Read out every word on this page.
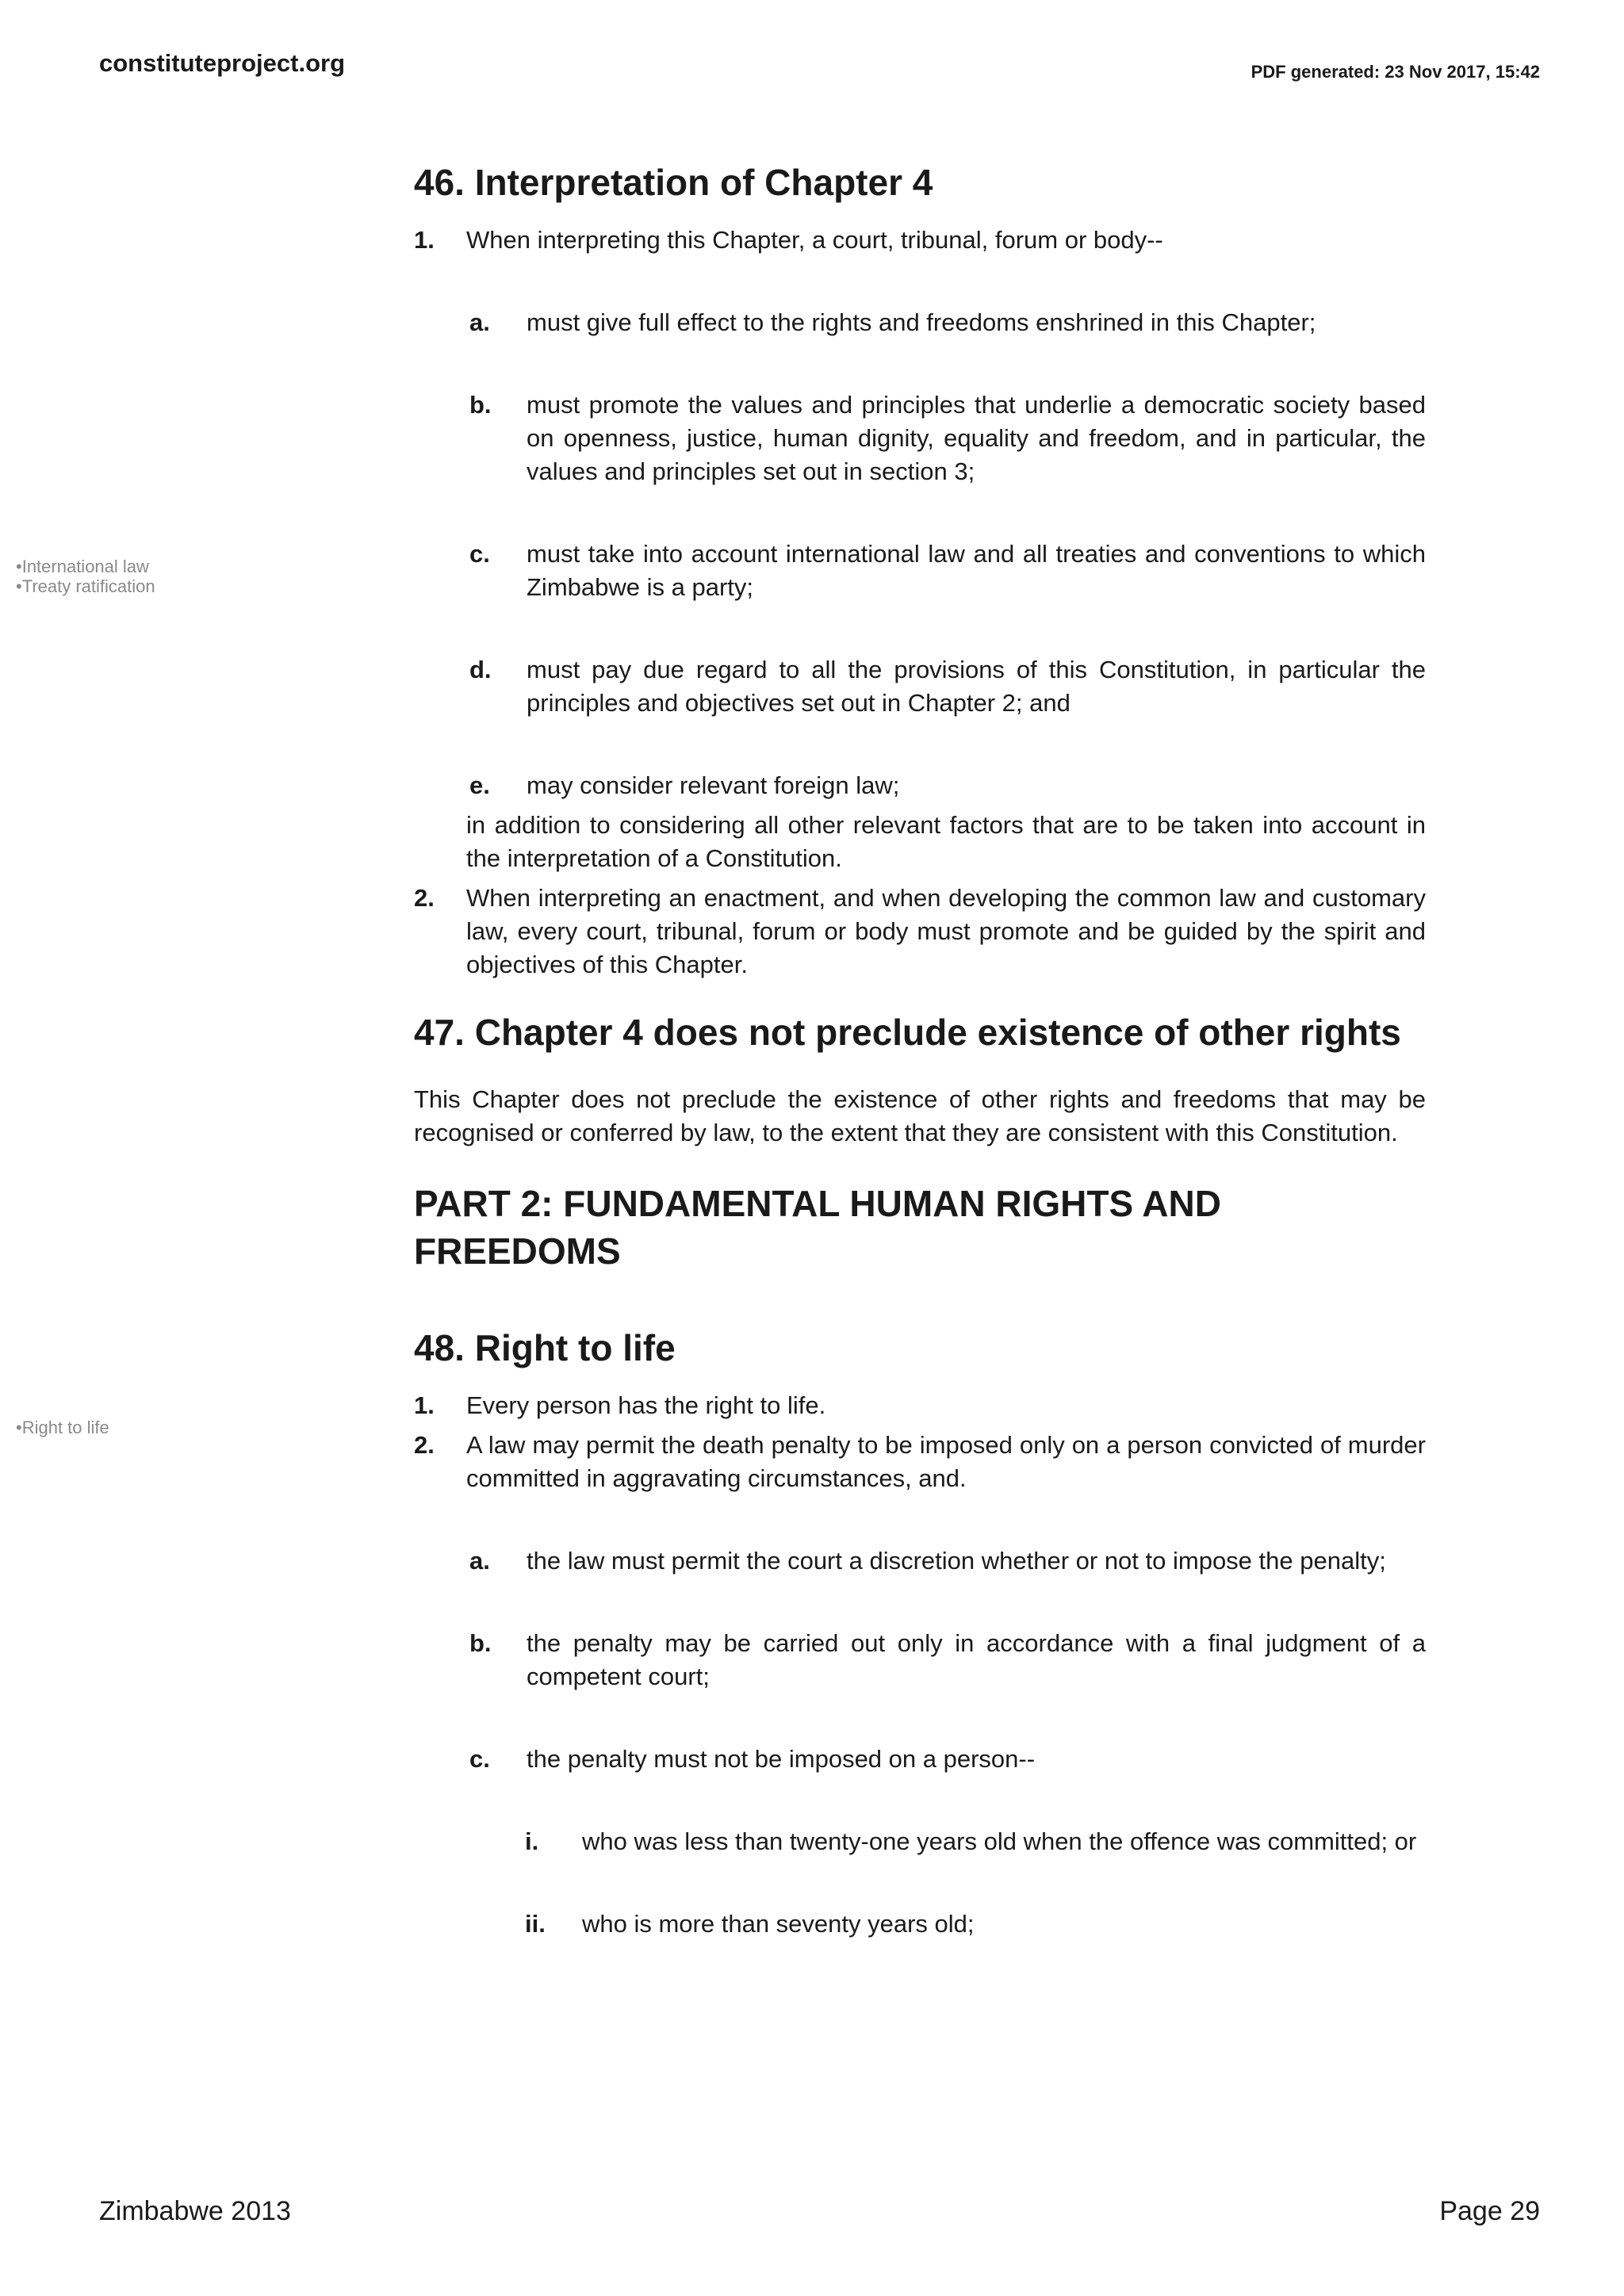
constituteproject.org	PDF generated: 23 Nov 2017, 15:42
• International law
• Treaty ratification
• Right to life
46. Interpretation of Chapter 4
1.	When interpreting this Chapter, a court, tribunal, forum or body--
a.	must give full effect to the rights and freedoms enshrined in this Chapter;
b.	must promote the values and principles that underlie a democratic society based on openness, justice, human dignity, equality and freedom, and in particular, the values and principles set out in section 3;
c.	must take into account international law and all treaties and conventions to which Zimbabwe is a party;
d.	must pay due regard to all the provisions of this Constitution, in particular the principles and objectives set out in Chapter 2; and
e.	may consider relevant foreign law;
in addition to considering all other relevant factors that are to be taken into account in the interpretation of a Constitution.
2.	When interpreting an enactment, and when developing the common law and customary law, every court, tribunal, forum or body must promote and be guided by the spirit and objectives of this Chapter.
47. Chapter 4 does not preclude existence of other rights
This Chapter does not preclude the existence of other rights and freedoms that may be recognised or conferred by law, to the extent that they are consistent with this Constitution.
PART 2: FUNDAMENTAL HUMAN RIGHTS AND FREEDOMS
48. Right to life
1.	Every person has the right to life.
2.	A law may permit the death penalty to be imposed only on a person convicted of murder committed in aggravating circumstances, and.
a.	the law must permit the court a discretion whether or not to impose the penalty;
b.	the penalty may be carried out only in accordance with a final judgment of a competent court;
c.	the penalty must not be imposed on a person--
i.	who was less than twenty-one years old when the offence was committed; or
ii.	who is more than seventy years old;
Zimbabwe 2013	Page 29
